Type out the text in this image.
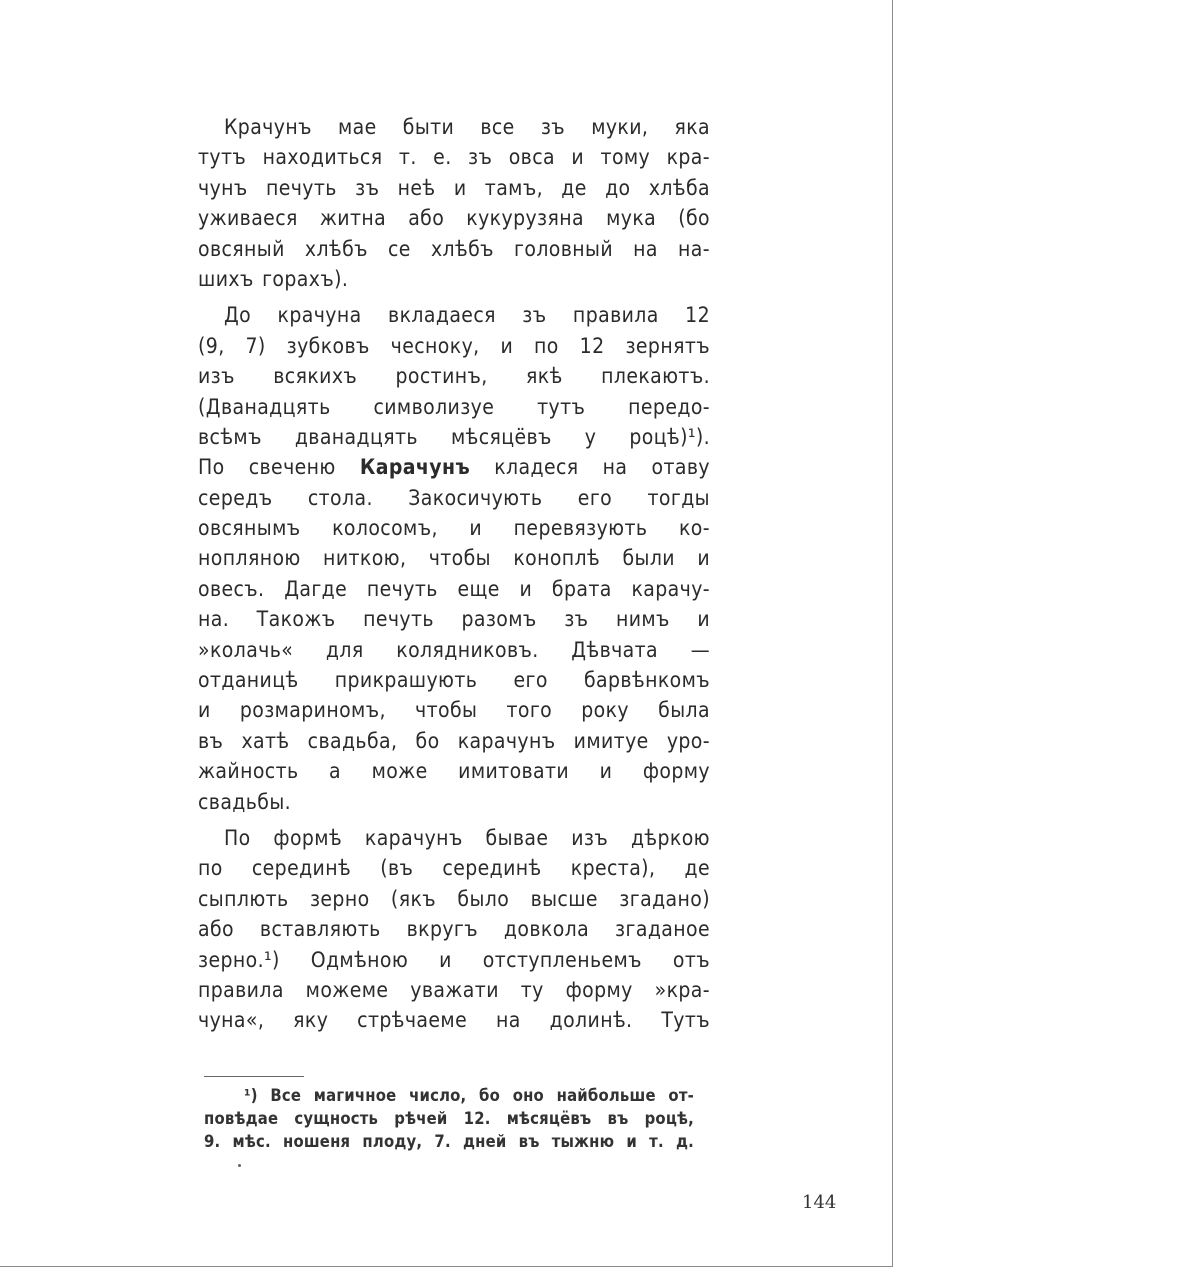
Крачунъ мае быти все зъ муки, яка
тутъ находиться т. е. зъ овса и тому кра-
чунъ печуть зъ неѣ и тамъ, де до хлѣба
уживаеся житна або кукурузяна мука (бо
овсяный хлѣбъ се хлѣбъ головный на на-
шихъ горахъ).
До крачуна вкладаеся зъ правила 12
(9, 7) зубковъ чесноку, и по 12 зернятъ
изъ всякихъ ростинъ, якѣ плекаютъ.
(Дванадцять символизуе тутъ передо-
всѣмъ дванадцять мѣсяцёвъ у роцѣ)¹).
По свеченю Карачунъ кладеся на отаву
середъ стола. Закосичують его тогды
овсянымъ колосомъ, и перевязують ко-
нопляною ниткою, чтобы коноплѣ были и
овесъ. Дагде печуть еще и брата карачу-
на. Такожъ печуть разомъ зъ нимъ и
»колачь« для колядниковъ. Дѣвчата —
отданицѣ прикрашують его барвѣнкомъ
и розмариномъ, чтобы того року была
въ хатѣ свадьба, бо карачунъ имитуе уро-
жайность а може имитовати и форму
свадьбы.
По формѣ карачунъ бывае изъ дѣркою
по серединѣ (въ серединѣ креста), де
сыплють зерно (якъ было высше згадано)
або вставляють вкругъ довкола згаданое
зерно.¹) Одмѣною и отступленьемъ отъ
правила можеме уважати ту форму »кра-
чуна«, яку стрѣчаеме на долинѣ. Тутъ
¹) Все магичное число, бо оно найбольше от-
повѣдае сущность рѣчей 12. мѣсяцёвъ въ роцѣ,
9. мѣс. ношеня плоду, 7. дней въ тыжню и т. д.
144
